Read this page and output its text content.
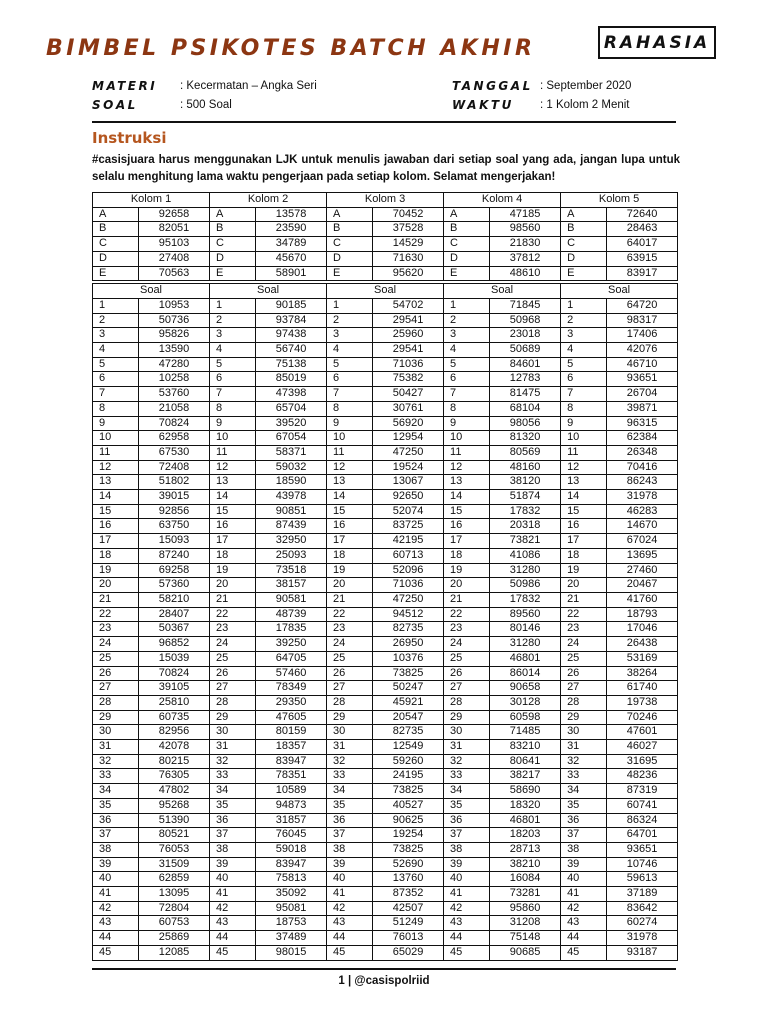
BIMBEL PSIKOTES BATCH AKHIR	RAHASIA
MATERI : Kecermatan – Angka Seri
SOAL	: 500 Soal
TANGGAL : September 2020
WAKTU : 1 Kolom 2 Menit
Instruksi
#casisjuara harus menggunakan LJK untuk menulis jawaban dari setiap soal yang ada, jangan lupa untuk selalu menghitung lama waktu pengerjaan pada setiap kolom. Selamat mengerjakan!
Kolom 1		Kolom 2		Kolom 3		Kolom 4		Kolom 5	
A	92658	A	13578	A	70452	A	47185	A	72640
B	82051	B	23590	B	37528	B	98560	B	28463
C	95103	C	34789	C	14529	C	21830	C	64017
D	27408	D	45670	D	71630	D	37812	D	63915
E	70563	E	58901	E	95620	E	48610	E	83917

Soal		Soal		Soal		Soal		Soal	
1	10953	1	90185	1	54702	1	71845	1	64720
2	50736	2	93784	2	29541	2	50968	2	98317
3	95826	3	97438	3	25960	3	23018	3	17406
4	13590	4	56740	4	29541	4	50689	4	42076
5	47280	5	75138	5	71036	5	84601	5	46710
6	10258	6	85019	6	75382	6	12783	6	93651
7	53760	7	47398	7	50427	7	81475	7	26704
8	21058	8	65704	8	30761	8	68104	8	39871
9	70824	9	39520	9	56920	9	98056	9	96315
10	62958	10	67054	10	12954	10	81320	10	62384
11	67530	11	58371	11	47250	11	80569	11	26348
12	72408	12	59032	12	19524	12	48160	12	70416
13	51802	13	18590	13	13067	13	38120	13	86243
14	39015	14	43978	14	92650	14	51874	14	31978
15	92856	15	90851	15	52074	15	17832	15	46283
16	63750	16	87439	16	83725	16	20318	16	14670
17	15093	17	32950	17	42195	17	73821	17	67024
18	87240	18	25093	18	60713	18	41086	18	13695
19	69258	19	73518	19	52096	19	31280	19	27460
20	57360	20	38157	20	71036	20	50986	20	20467
21	58210	21	90581	21	47250	21	17832	21	41760
22	28407	22	48739	22	94512	22	89560	22	18793
23	50367	23	17835	23	82735	23	80146	23	17046
24	96852	24	39250	24	26950	24	31280	24	26438
25	15039	25	64705	25	10376	25	46801	25	53169
26	70824	26	57460	26	73825	26	86014	26	38264
27	39105	27	78349	27	50247	27	90658	27	61740
28	25810	28	29350	28	45921	28	30128	28	19738
29	60735	29	47605	29	20547	29	60598	29	70246
30	82956	30	80159	30	82735	30	71485	30	47601
31	42078	31	18357	31	12549	31	83210	31	46027
32	80215	32	83947	32	59260	32	80641	32	31695
33	76305	33	78351	33	24195	33	38217	33	48236
34	47802	34	10589	34	73825	34	58690	34	87319
35	95268	35	94873	35	40527	35	18320	35	60741
36	51390	36	31857	36	90625	36	46801	36	86324
37	80521	37	76045	37	19254	37	18203	37	64701
38	76053	38	59018	38	73825	38	28713	38	93651
39	31509	39	83947	39	52690	39	38210	39	10746
40	62859	40	75813	40	13760	40	16084	40	59613
41	13095	41	35092	41	87352	41	73281	41	37189
42	72804	42	95081	42	42507	42	95860	42	83642
43	60753	43	18753	43	51249	43	31208	43	60274
44	25869	44	37489	44	76013	44	75148	44	31978
45	12085	45	98015	45	65029	45	90685	45	93187
1 | @casispolriid
